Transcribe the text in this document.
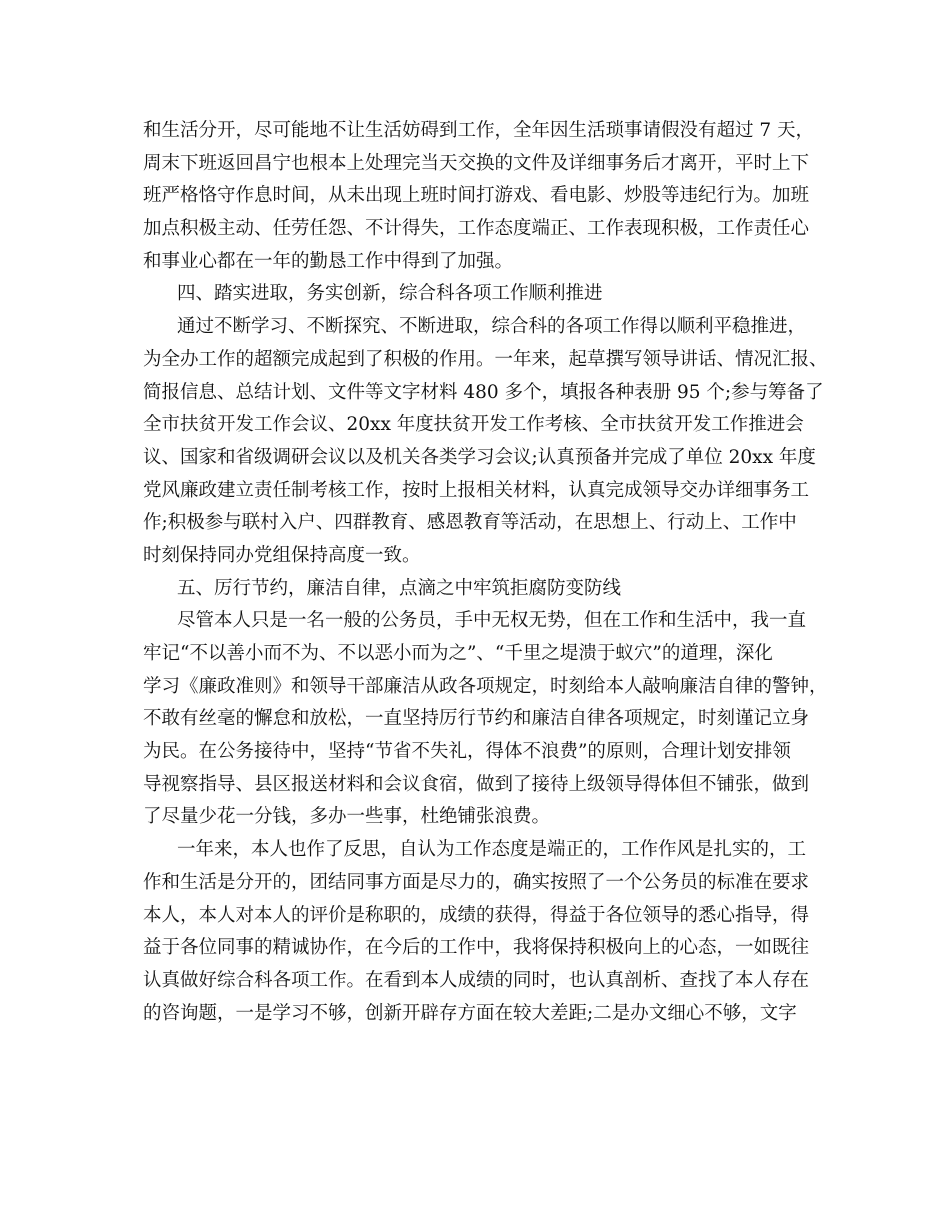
和生活分开，尽可能地不让生活妨碍到工作，全年因生活琐事请假没有超过 7 天，
周末下班返回昌宁也根本上处理完当天交换的文件及详细事务后才离开，平时上下
班严格恪守作息时间，从未出现上班时间打游戏、看电影、炒股等违纪行为。加班
加点积极主动、任劳任怨、不计得失，工作态度端正、工作表现积极，工作责任心
和事业心都在一年的勤恳工作中得到了加强。
四、踏实进取，务实创新，综合科各项工作顺利推进
通过不断学习、不断探究、不断进取，综合科的各项工作得以顺利平稳推进，
为全办工作的超额完成起到了积极的作用。一年来，起草撰写领导讲话、情况汇报、
简报信息、总结计划、文件等文字材料 480 多个，填报各种表册 95 个;参与筹备了
全市扶贫开发工作会议、20xx 年度扶贫开发工作考核、全市扶贫开发工作推进会
议、国家和省级调研会议以及机关各类学习会议;认真预备并完成了单位 20xx 年度
党风廉政建立责任制考核工作，按时上报相关材料，认真完成领导交办详细事务工
作;积极参与联村入户、四群教育、感恩教育等活动，在思想上、行动上、工作中
时刻保持同办党组保持高度一致。
五、厉行节约，廉洁自律，点滴之中牢筑拒腐防变防线
尽管本人只是一名一般的公务员，手中无权无势，但在工作和生活中，我一直
牢记“不以善小而不为、不以恶小而为之”、“千里之堤溃于蚁穴”的道理，深化
学习《廉政准则》和领导干部廉洁从政各项规定，时刻给本人敲响廉洁自律的警钟，
不敢有丝毫的懈怠和放松，一直坚持厉行节约和廉洁自律各项规定，时刻谨记立身
为民。在公务接待中，坚持“节省不失礼，得体不浪费”的原则，合理计划安排领
导视察指导、县区报送材料和会议食宿，做到了接待上级领导得体但不铺张，做到
了尽量少花一分钱，多办一些事，杜绝铺张浪费。
一年来，本人也作了反思，自认为工作态度是端正的，工作作风是扎实的，工
作和生活是分开的，团结同事方面是尽力的，确实按照了一个公务员的标准在要求
本人，本人对本人的评价是称职的，成绩的获得，得益于各位领导的悉心指导，得
益于各位同事的精诚协作，在今后的工作中，我将保持积极向上的心态，一如既往
认真做好综合科各项工作。在看到本人成绩的同时，也认真剖析、查找了本人存在
的咨询题，一是学习不够，创新开辟存方面在较大差距;二是办文细心不够，文字
